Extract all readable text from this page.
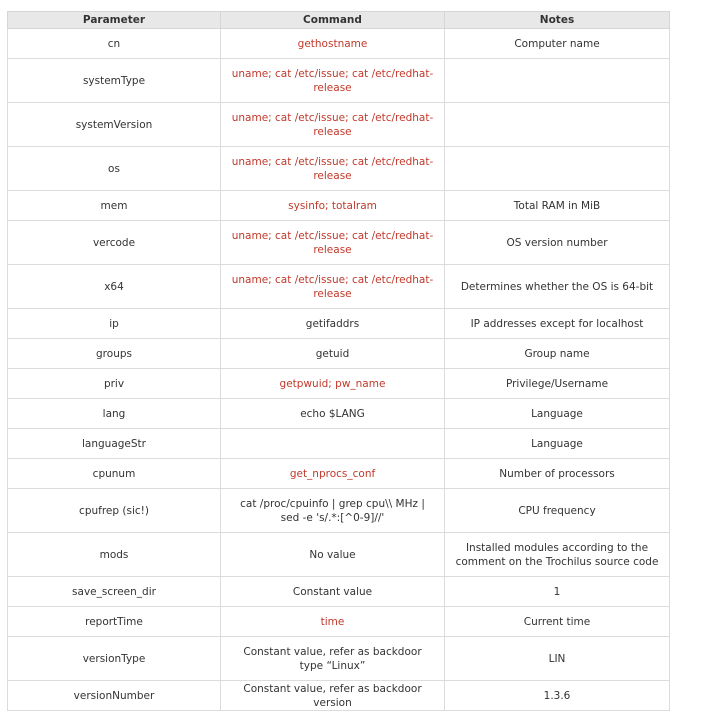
Parameter	Command	Notes
cn	gethostname	Computer name
systemType	uname; cat /etc/issue; cat /etc/redhat-release	
systemVersion	uname; cat /etc/issue; cat /etc/redhat-release	
os	uname; cat /etc/issue; cat /etc/redhat-release	
mem	sysinfo; totalram	Total RAM in MiB
vercode	uname; cat /etc/issue; cat /etc/redhat-release	OS version number
x64	uname; cat /etc/issue; cat /etc/redhat-release	Determines whether the OS is 64-bit
ip	getifaddrs	IP addresses except for localhost
groups	getuid	Group name
priv	getpwuid; pw_name	Privilege/Username
lang	echo $LANG	Language
languageStr		Language
cpunum	get_nprocs_conf	Number of processors
cpufrep (sic!)	cat /proc/cpuinfo | grep cpu\\ MHz | sed -e 's/.*:[^0-9]//'	CPU frequency
mods	No value	Installed modules according to the comment on the Trochilus source code
save_screen_dir	Constant value	1
reportTime	time	Current time
versionType	Constant value, refer as backdoor type “Linux”	LIN
versionNumber	Constant value, refer as backdoor version	1.3.6
